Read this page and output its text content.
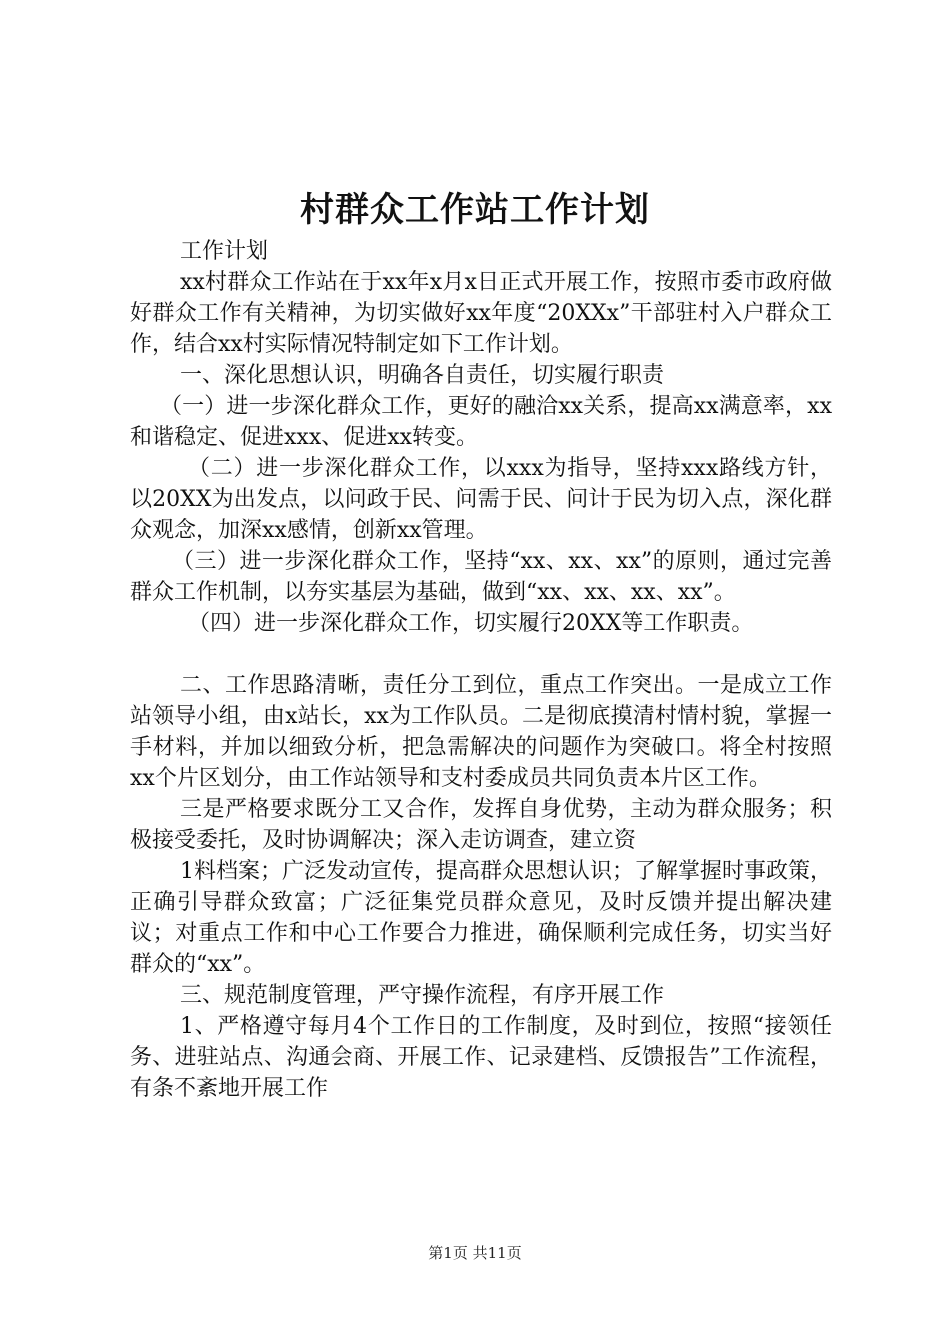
村群众工作站工作计划

工作计划

xx村群众工作站在于xx年x月x日正式开展工作，按照市委市政府做好群众工作有关精神，为切实做好xx年度“20XXx”干部驻村入户群众工作，结合xx村实际情况特制定如下工作计划。

一、深化思想认识，明确各自责任，切实履行职责

（一）进一步深化群众工作，更好的融洽xx关系，提高xx满意率，xx和谐稳定、促进xxx、促进xx转变。

（二）进一步深化群众工作，以xxx为指导，坚持xxx路线方针，以20XX为出发点，以问政于民、问需于民、问计于民为切入点，深化群众观念，加深xx感情，创新xx管理。

（三）进一步深化群众工作，坚持“xx、xx、xx”的原则，通过完善群众工作机制，以夯实基层为基础，做到“xx、xx、xx、xx”。

（四）进一步深化群众工作，切实履行20XX等工作职责。

二、工作思路清晰，责任分工到位，重点工作突出。一是成立工作站领导小组，由x站长，xx为工作队员。二是彻底摸清村情村貌，掌握一手材料，并加以细致分析，把急需解决的问题作为突破口。将全村按照xx个片区划分，由工作站领导和支村委成员共同负责本片区工作。

三是严格要求既分工又合作，发挥自身优势，主动为群众服务；积极接受委托，及时协调解决；深入走访调查，建立资

1料档案；广泛发动宣传，提高群众思想认识；了解掌握时事政策，正确引导群众致富；广泛征集党员群众意见，及时反馈并提出解决建议；对重点工作和中心工作要合力推进，确保顺利完成任务，切实当好群众的“xx”。

三、规范制度管理，严守操作流程，有序开展工作

1、严格遵守每月4个工作日的工作制度，及时到位，按照“接领任务、进驻站点、沟通会商、开展工作、记录建档、反馈报告”工作流程，有条不紊地开展工作

第1页 共11页
